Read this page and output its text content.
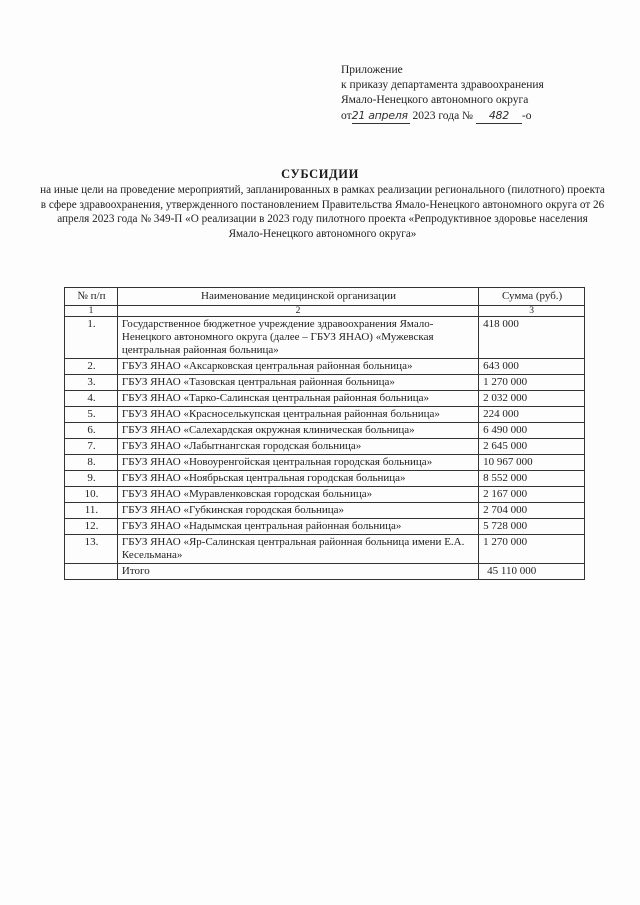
Приложение
к приказу департамента здравоохранения
Ямало-Ненецкого автономного округа
от21 апреля 2023 года № 482 -о
СУБСИДИИ
на иные цели на проведение мероприятий, запланированных в рамках реализации регионального (пилотного) проекта в сфере здравоохранения, утвержденного постановлением Правительства Ямало-Ненецкого автономного округа от 26 апреля 2023 года № 349-П «О реализации в 2023 году пилотного проекта «Репродуктивное здоровье населения Ямало-Ненецкого автономного округа»
№ п/п	Наименование медицинской организации	Сумма (руб.)
1	2	3
1.	Государственное бюджетное учреждение здравоохранения Ямало-Ненецкого автономного округа (далее – ГБУЗ ЯНАО) «Мужевская центральная районная больница»	418 000
2.	ГБУЗ ЯНАО «Аксарковская центральная районная больница»	643 000
3.	ГБУЗ ЯНАО «Тазовская центральная районная больница»	1 270 000
4.	ГБУЗ ЯНАО «Тарко-Салинская центральная районная больница»	2 032 000
5.	ГБУЗ ЯНАО «Красноселькупская центральная районная больница»	224 000
6.	ГБУЗ ЯНАО «Салехардская окружная клиническая больница»	6 490 000
7.	ГБУЗ ЯНАО «Лабытнангская городская больница»	2 645 000
8.	ГБУЗ ЯНАО «Новоуренгойская центральная городская больница»	10 967 000
9.	ГБУЗ ЯНАО «Ноябрьская центральная городская больница»	8 552 000
10.	ГБУЗ ЯНАО «Муравленковская городская больница»	2 167 000
11.	ГБУЗ ЯНАО «Губкинская городская больница»	2 704 000
12.	ГБУЗ ЯНАО «Надымская центральная районная больница»	5 728 000
13.	ГБУЗ ЯНАО «Яр-Салинская центральная районная больница имени Е.А. Кесельмана»	1 270 000
	Итого	45 110 000
